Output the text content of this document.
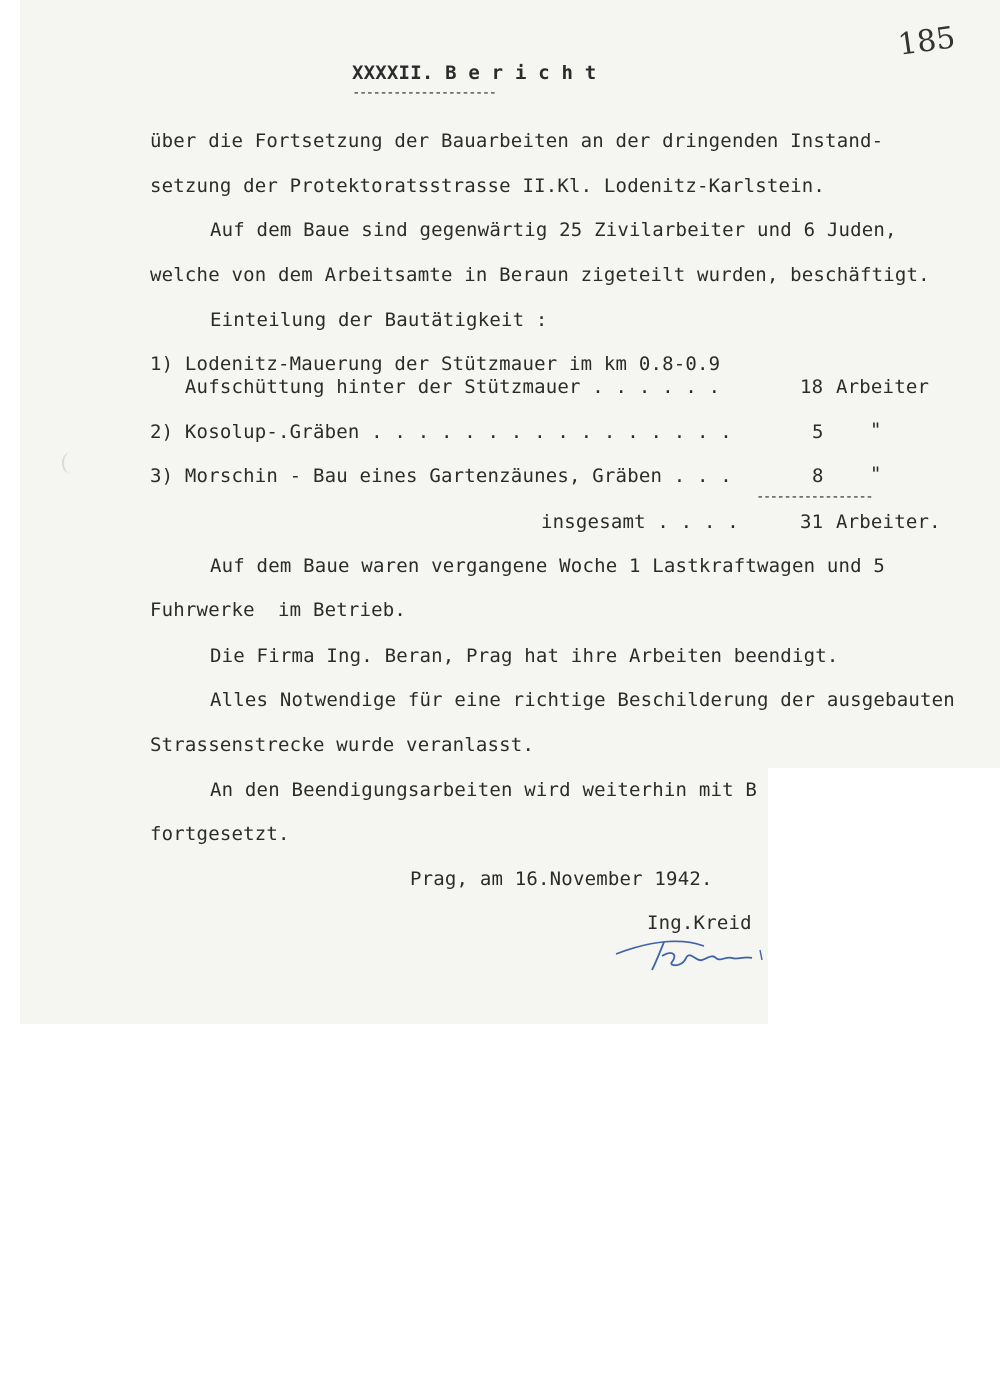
185
XXXXII. B e r i c h t
---------------------
über die Fortsetzung der Bauarbeiten an der dringenden Instand-
setzung der Protektoratsstrasse II.Kl. Lodenitz-Karlstein.
Auf dem Baue sind gegenwärtig 25 Zivilarbeiter und 6 Juden,
welche von dem Arbeitsamte in Beraun zigeteilt wurden, beschäftigt.
Einteilung der Bautätigkeit :
1) Lodenitz-Mauerung der Stützmauer im km 0.8-0.9
Aufschüttung hinter der Stützmauer . . . . . .	18 Arbeiter
2) Kosolup-.Gräben . . . . . . . . . . . . . . . .	5 "
3) Morschin - Bau eines Gartenzäunes, Gräben . . .	8 "
-----------------
insgesamt . . . .	31 Arbeiter.
Auf dem Baue waren vergangene Woche 1 Lastkraftwagen und 5
Fuhrwerke  im Betrieb.
Die Firma Ing. Beran, Prag hat ihre Arbeiten beendigt.
Alles Notwendige für eine richtige Beschilderung der ausgebauten
Strassenstrecke wurde veranlasst.
An den Beendigungsarbeiten wird weiterhin mit B
fortgesetzt.
Prag, am 16.November 1942.
Ing.Kreid
